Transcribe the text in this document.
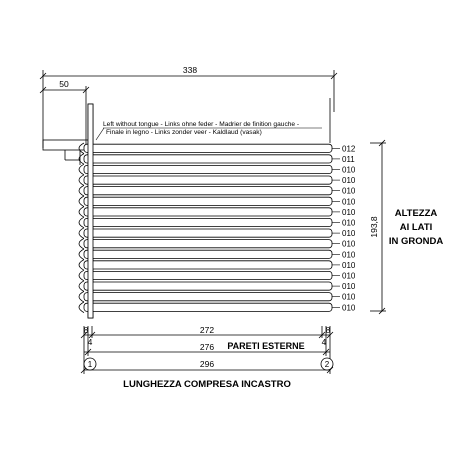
338
50
Left without tongue - Links ohne feder - Madrier de finition gauche -
Finale in legno - Links zonder veer - Kaldlaud (vasak)
012
011
010
010
010
010
010
010
010
010
010
010
010
010
010
010
193,8
ALTEZZA
AI LATI
IN GRONDA
8	8
272
4	4
276 PARETI ESTERNE
296
1	2
LUNGHEZZA COMPRESA INCASTRO
